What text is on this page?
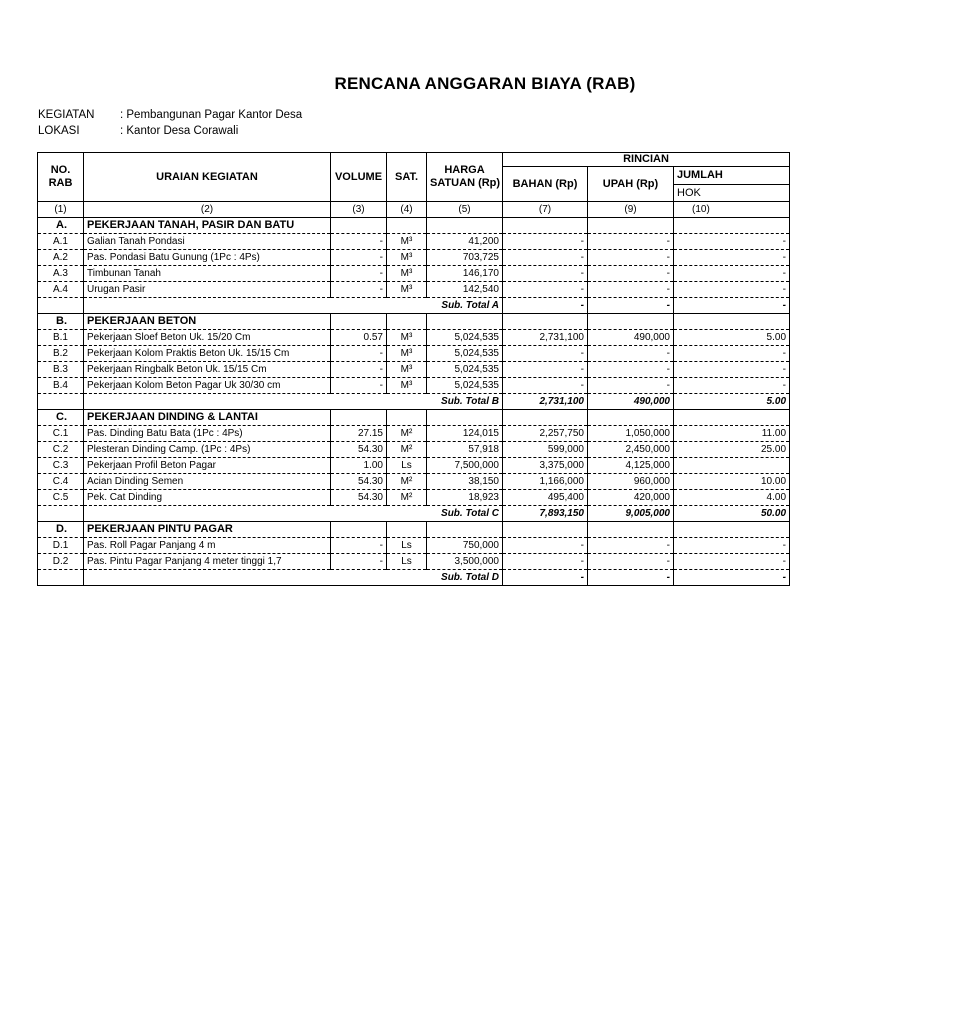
RENCANA ANGGARAN BIAYA (RAB)
KEGIATAN : Pembangunan Pagar Kantor Desa
LOKASI	: Kantor Desa Corawali
NO.
RAB	URAIAN KEGIATAN	VOLUME	SAT.	HARGA
SATUAN (Rp)	RINCIAN		
					BAHAN (Rp)	UPAH (Rp)	JUMLAH
							HOK
(1)	(2)	(3)	(4)	(5)	(7)	(9)	(10)
A.	PEKERJAAN TANAH, PASIR DAN BATU						
A.1	Galian Tanah Pondasi	-	M³	41,200	-	-	-
A.2	Pas. Pondasi Batu Gunung (1Pc : 4Ps)	-	M³	703,725	-	-	-
A.3	Timbunan Tanah	-	M³	146,170	-	-	-
A.4	Urugan Pasir	-	M³	142,540	-	-	-
	Sub. Total A				-	-	-
B.	PEKERJAAN BETON						
B.1	Pekerjaan Sloef Beton Uk. 15/20 Cm	0.57	M³	5,024,535	2,731,100	490,000	5.00
B.2	Pekerjaan Kolom Praktis Beton Uk. 15/15 Cm	-	M³	5,024,535	-	-	-
B.3	Pekerjaan Ringbalk Beton Uk. 15/15 Cm	-	M³	5,024,535	-	-	-
B.4	Pekerjaan Kolom Beton Pagar Uk 30/30 cm	-	M³	5,024,535	-	-	-
	Sub. Total B				2,731,100	490,000	5.00
C.	PEKERJAAN DINDING & LANTAI						
C.1	Pas. Dinding Batu Bata (1Pc : 4Ps)	27.15	M²	124,015	2,257,750	1,050,000	11.00
C.2	Plesteran Dinding Camp. (1Pc : 4Ps)	54.30	M²	57,918	599,000	2,450,000	25.00
C.3	Pekerjaan Profil Beton Pagar	1.00	Ls	7,500,000	3,375,000	4,125,000	
C.4	Acian Dinding Semen	54.30	M²	38,150	1,166,000	960,000	10.00
C.5	Pek. Cat Dinding	54.30	M²	18,923	495,400	420,000	4.00
	Sub. Total C				7,893,150	9,005,000	50.00
D.	PEKERJAAN PINTU PAGAR						
D.1	Pas. Roll Pagar Panjang 4 m	-	Ls	750,000	-	-	-
D.2	Pas. Pintu Pagar Panjang 4 meter tinggi 1,7	-	Ls	3,500,000	-	-	-
	Sub. Total D				-	-	-
